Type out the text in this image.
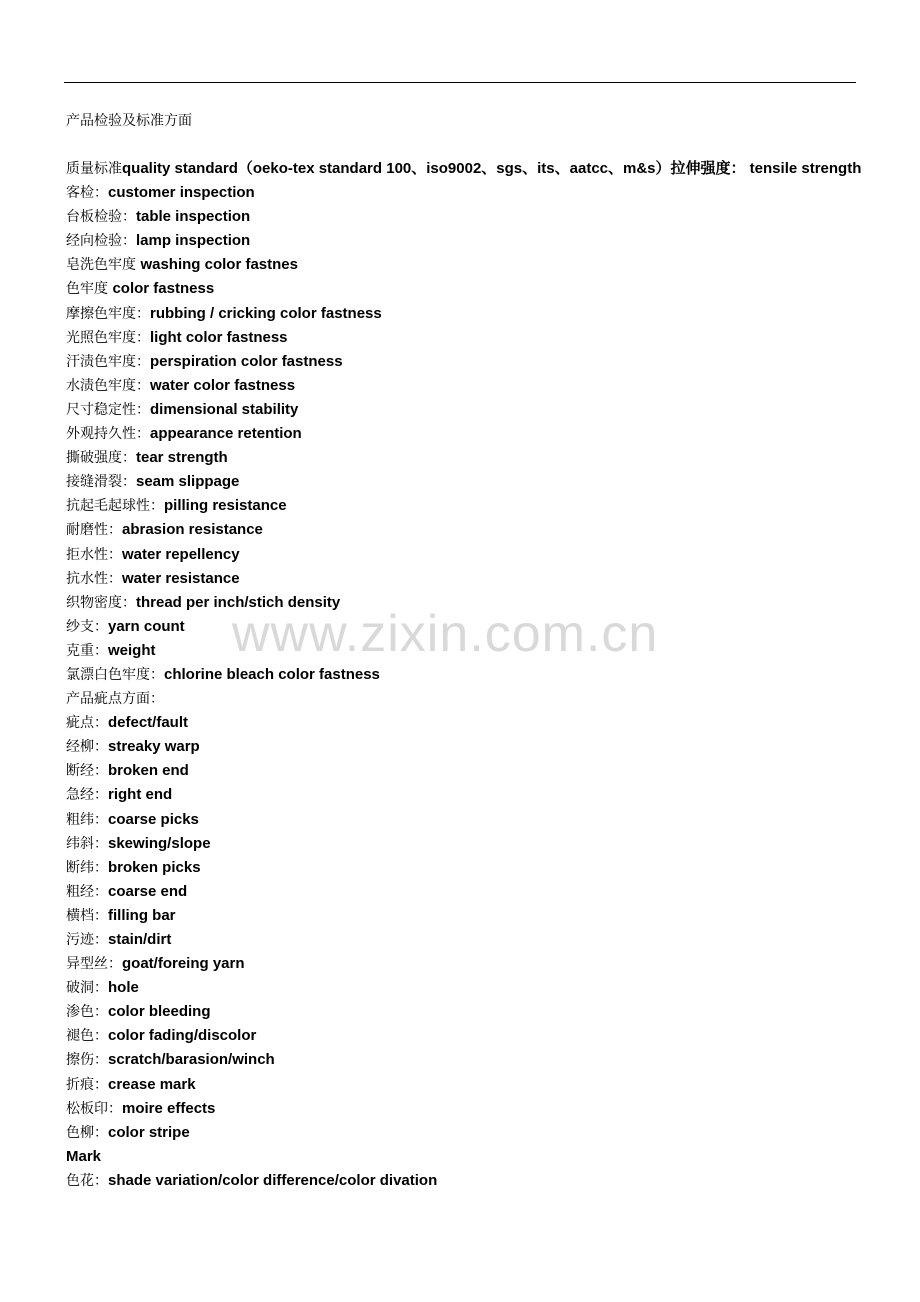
产品检验及标准方面
www.zixin.com.cn
质量标准quality standard（oeko-tex standard 100、iso9002、sgs、its、aatcc、m&s）拉伸强度： tensile strength
客检：customer inspection
台板检验：table inspection
经向检验：lamp inspection
皂洗色牢度 washing color fastnes
色牢度 color fastness
摩擦色牢度：rubbing / cricking color fastness
光照色牢度：light color fastness
汗渍色牢度：perspiration color fastness
水渍色牢度：water color fastness
尺寸稳定性：dimensional stability
外观持久性：appearance retention
撕破强度：tear strength
接缝滑裂：seam slippage
抗起毛起球性：pilling resistance
耐磨性：abrasion resistance
拒水性：water repellency
抗水性：water resistance
织物密度：thread per inch/stich density
纱支：yarn count
克重：weight
氯漂白色牢度：chlorine bleach color fastness
产品疵点方面：
疵点：defect/fault
经柳：streaky warp
断经：broken end
急经：right end
粗纬：coarse picks
纬斜：skewing/slope
断纬：broken picks
粗经：coarse end
横档：filling bar
污迹：stain/dirt
异型丝：goat/foreing yarn
破洞：hole
渗色：color bleeding
褪色：color fading/discolor
擦伤：scratch/barasion/winch
折痕：crease mark
松板印：moire effects
色柳：color stripe
Mark
色花：shade variation/color difference/color divation
